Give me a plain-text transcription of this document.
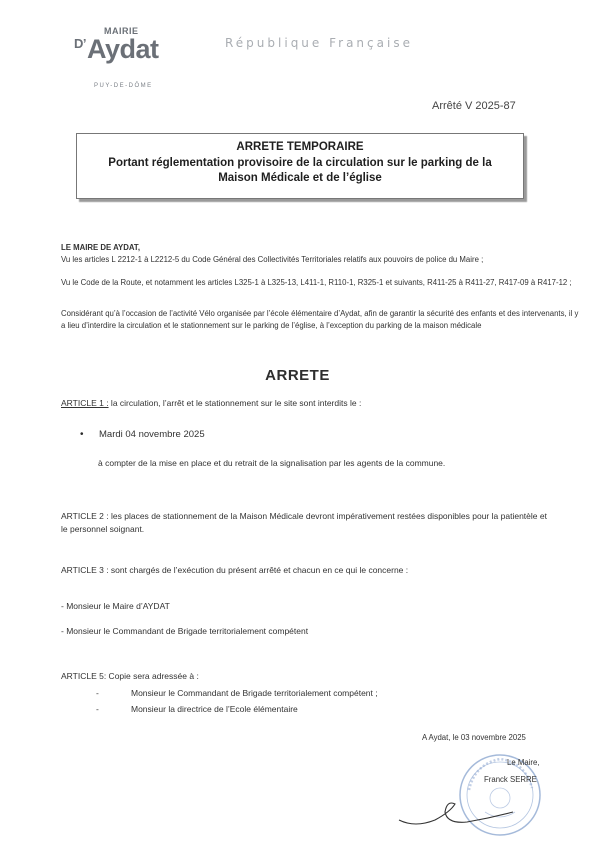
MAIRIE
$^{D’}$Aydat
PUY-DE-DÔME
République Française
Arrêté V 2025-87
ARRETE TEMPORAIRE
Portant réglementation provisoire de la circulation sur le parking de la Maison Médicale et de l’église
LE MAIRE DE AYDAT,
Vu les articles L 2212-1 à L2212-5 du Code Général des Collectivités Territoriales relatifs aux pouvoirs de police du Maire ;
Vu le Code de la Route, et notamment les articles L325-1 à L325-13, L411-1, R110-1, R325-1 et suivants, R411-25 à R411-27, R417-09 à R417-12 ;
Considérant qu’à l’occasion de l’activité Vélo organisée par l’école élémentaire d’Aydat, afin de garantir la sécurité des enfants et des intervenants, il y a lieu d’interdire la circulation et le stationnement sur le parking de l’église, à l’exception du parking de la maison médicale
ARRETE
ARTICLE 1 : la circulation, l’arrêt et le stationnement sur le site sont interdits le :
• Mardi 04 novembre 2025
à compter de la mise en place et du retrait de la signalisation par les agents de la commune.
ARTICLE 2 : les places de stationnement de la Maison Médicale devront impérativement restées disponibles pour la patientèle et le personnel soignant.
ARTICLE 3 : sont chargés de l’exécution du présent arrêté et chacun en ce qui le concerne :
- Monsieur le Maire d’AYDAT
- Monsieur le Commandant de Brigade territorialement compétent
ARTICLE 5: Copie sera adressée à :
-	Monsieur le Commandant de Brigade territorialement compétent ;
-	Monsieur la directrice de l’Ecole élémentaire
A Aydat, le 03 novembre 2025
Le Maire,
Franck SERRE
